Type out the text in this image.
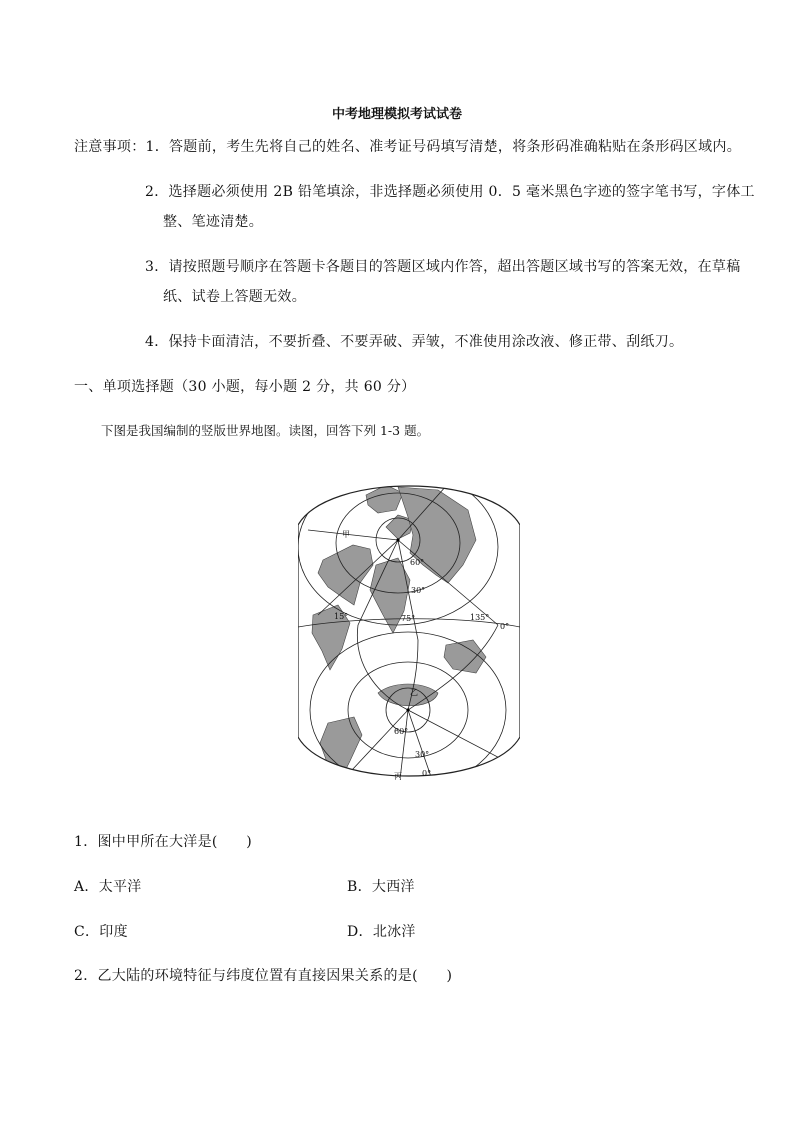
中考地理模拟考试试卷
注意事项：1．答题前，考生先将自己的姓名、准考证号码填写清楚，将条形码准确粘贴在条形码区域内。
2．选择题必须使用 2B 铅笔填涂，非选择题必须使用 0．5 毫米黑色字迹的签字笔书写，字体工
整、笔迹清楚。
3．请按照题号顺序在答题卡各题目的答题区域内作答，超出答题区域书写的答案无效，在草稿
纸、试卷上答题无效。
4．保持卡面清洁，不要折叠、不要弄破、弄皱，不准使用涂改液、修正带、刮纸刀。
一、单项选择题（30 小题，每小题 2 分，共 60 分）
下图是我国编制的竖版世界地图。读图，回答下列 1-3 题。
甲
60°
30°
15°	75°	135°
0°
乙
60°
30°
0°
丙
1．图中甲所在大洋是(　　)
A．太平洋	B．大西洋
C．印度	D．北冰洋
2．乙大陆的环境特征与纬度位置有直接因果关系的是(　　)
